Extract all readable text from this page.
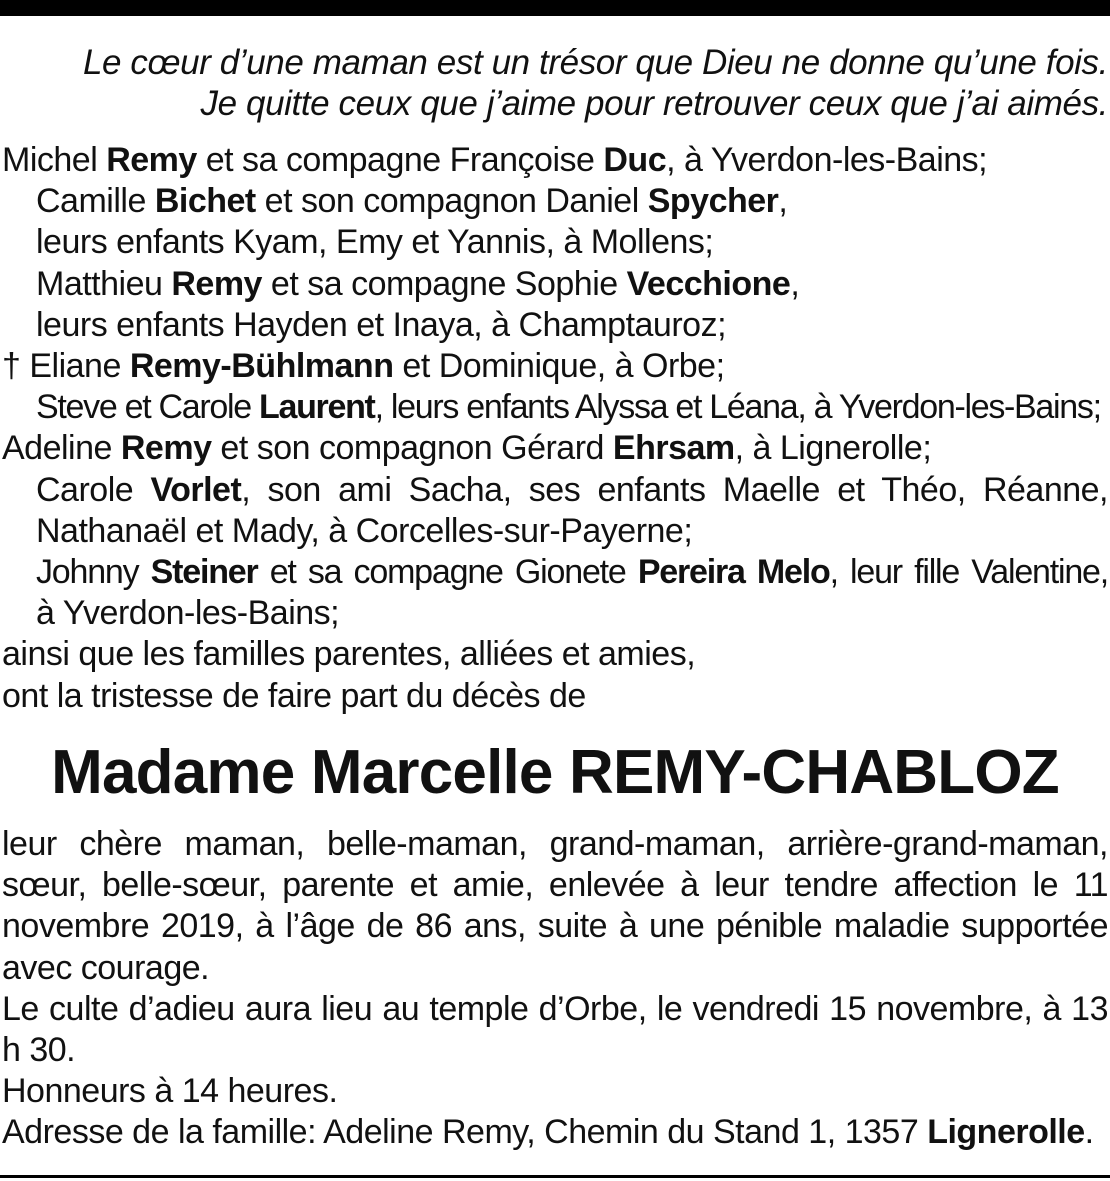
Le cœur d’une maman est un trésor que Dieu ne donne qu’une fois.
Je quitte ceux que j’aime pour retrouver ceux que j’ai aimés.
Michel Remy et sa compagne Françoise Duc, à Yverdon-les-Bains;
Camille Bichet et son compagnon Daniel Spycher,
leurs enfants Kyam, Emy et Yannis, à Mollens;
Matthieu Remy et sa compagne Sophie Vecchione,
leurs enfants Hayden et Inaya, à Champtauroz;
† Eliane Remy-Bühlmann et Dominique, à Orbe;
Steve et Carole Laurent, leurs enfants Alyssa et Léana, à Yverdon-les-Bains;
Adeline Remy et son compagnon Gérard Ehrsam, à Lignerolle;
Carole Vorlet, son ami Sacha, ses enfants Maelle et Théo, Réanne,
Nathanaël et Mady, à Corcelles-sur-Payerne;
Johnny Steiner et sa compagne Gionete Pereira Melo, leur fille Valentine,
à Yverdon-les-Bains;
ainsi que les familles parentes, alliées et amies,
ont la tristesse de faire part du décès de
Madame Marcelle REMY-CHABLOZ
leur chère maman, belle-maman, grand-maman, arrière-grand-maman, sœur, belle-sœur, parente et amie, enlevée à leur tendre affection le 11 novembre 2019, à l’âge de 86 ans, suite à une pénible maladie supportée avec courage.
Le culte d’adieu aura lieu au temple d’Orbe, le vendredi 15 novembre, à 13 h 30.
Honneurs à 14 heures.
Adresse de la famille: Adeline Remy, Chemin du Stand 1, 1357 Lignerolle.
